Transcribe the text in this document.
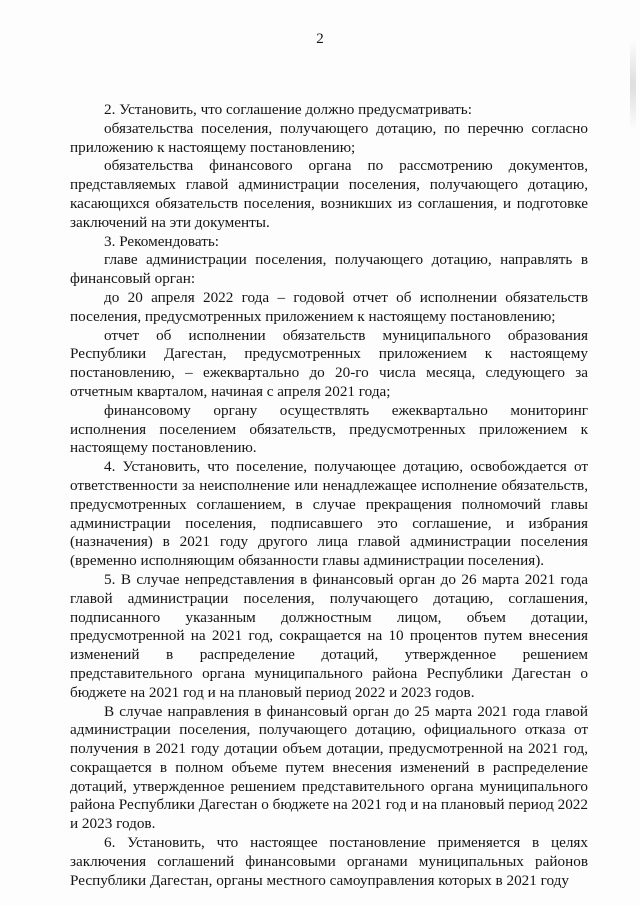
2

2. Установить, что соглашение должно предусматривать:

обязательства поселения, получающего дотацию, по перечню согласно приложению к настоящему постановлению;

обязательства финансового органа по рассмотрению документов, представляемых главой администрации поселения, получающего дотацию, касающихся обязательств поселения, возникших из соглашения, и подготовке заключений на эти документы.

3. Рекомендовать:

главе администрации поселения, получающего дотацию, направлять в финансовый орган:

до 20 апреля 2022 года – годовой отчет об исполнении обязательств поселения, предусмотренных приложением к настоящему постановлению;

отчет об исполнении обязательств муниципального образования Республики Дагестан, предусмотренных приложением к настоящему постановлению, – ежеквартально до 20-го числа месяца, следующего за отчетным кварталом, начиная с апреля 2021 года;

финансовому органу осуществлять ежеквартально мониторинг исполнения поселением обязательств, предусмотренных приложением к настоящему постановлению.

4. Установить, что поселение, получающее дотацию, освобождается от ответственности за неисполнение или ненадлежащее исполнение обязательств, предусмотренных соглашением, в случае прекращения полномочий главы администрации поселения, подписавшего это соглашение, и избрания (назначения) в 2021 году другого лица главой администрации поселения (временно исполняющим обязанности главы администрации поселения).

5. В случае непредставления в финансовый орган до 26 марта 2021 года главой администрации поселения, получающего дотацию, соглашения, подписанного указанным должностным лицом, объем дотации, предусмотренной на 2021 год, сокращается на 10 процентов путем внесения изменений в распределение дотаций, утвержденное решением представительного органа муниципального района Республики Дагестан о бюджете на 2021 год и на плановый период 2022 и 2023 годов.

В случае направления в финансовый орган до 25 марта 2021 года главой администрации поселения, получающего дотацию, официального отказа от получения в 2021 году дотации объем дотации, предусмотренной на 2021 год, сокращается в полном объеме путем внесения изменений в распределение дотаций, утвержденное решением представительного органа муниципального района Республики Дагестан о бюджете на 2021 год и на плановый период 2022 и 2023 годов.

6. Установить, что настоящее постановление применяется в целях заключения соглашений финансовыми органами муниципальных районов Республики Дагестан, органы местного самоуправления которых в 2021 году
